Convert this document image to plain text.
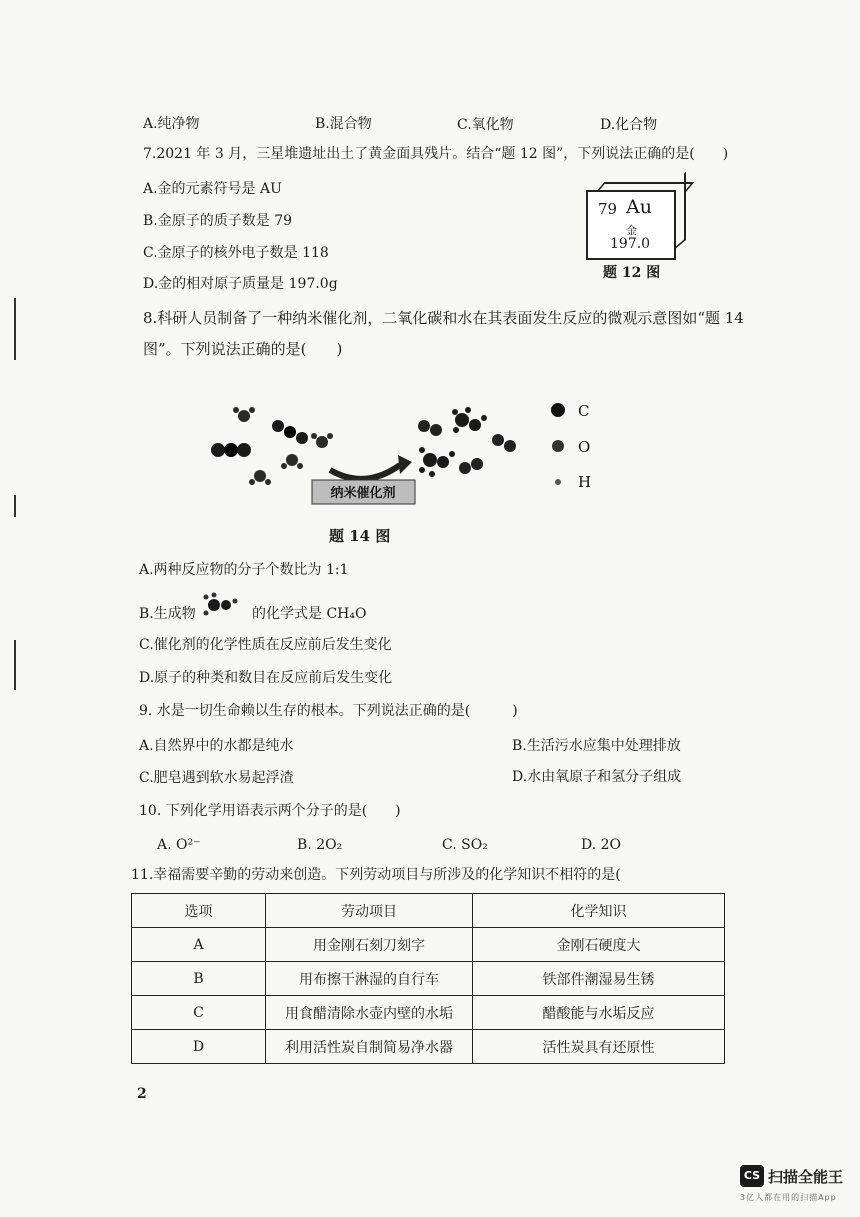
A.纯净物	B.混合物	C.氧化物	D.化合物
7.2021 年 3 月，三星堆遗址出土了黄金面具残片。结合“题 12 图”，下列说法正确的是(　　)
A.金的元素符号是 AU
B.金原子的质子数是 79
C.金原子的核外电子数是 118
D.金的相对原子质量是 197.0g
79 Au
金
197.0
题 12 图
8.科研人员制备了一种纳米催化剂，二氧化碳和水在其表面发生反应的微观示意图如“题 14
图”。下列说法正确的是(　　)
纳米催化剂
C
O
H
题 14 图
A.两种反应物的分子个数比为 1:1
B.生成物	的化学式是 CH₄O
C.催化剂的化学性质在反应前后发生变化
D.原子的种类和数目在反应前后发生变化
9. 水是一切生命赖以生存的根本。下列说法正确的是(　　　)
A.自然界中的水都是纯水	B.生活污水应集中处理排放
C.肥皂遇到软水易起浮渣	D.水由氧原子和氢分子组成
10. 下列化学用语表示两个分子的是(　　)
A. O²⁻	B. 2O₂	C. SO₂	D. 2O
11.幸福需要辛勤的劳动来创造。下列劳动项目与所涉及的化学知识不相符的是(
选项	劳动项目	化学知识
A	用金刚石刻刀刻字	金刚石硬度大
B	用布擦干淋湿的自行车	铁部件潮湿易生锈
C	用食醋清除水壶内壁的水垢	醋酸能与水垢反应
D	利用活性炭自制简易净水器	活性炭具有还原性
2
CS 扫描全能王
3亿人都在用的扫描App
